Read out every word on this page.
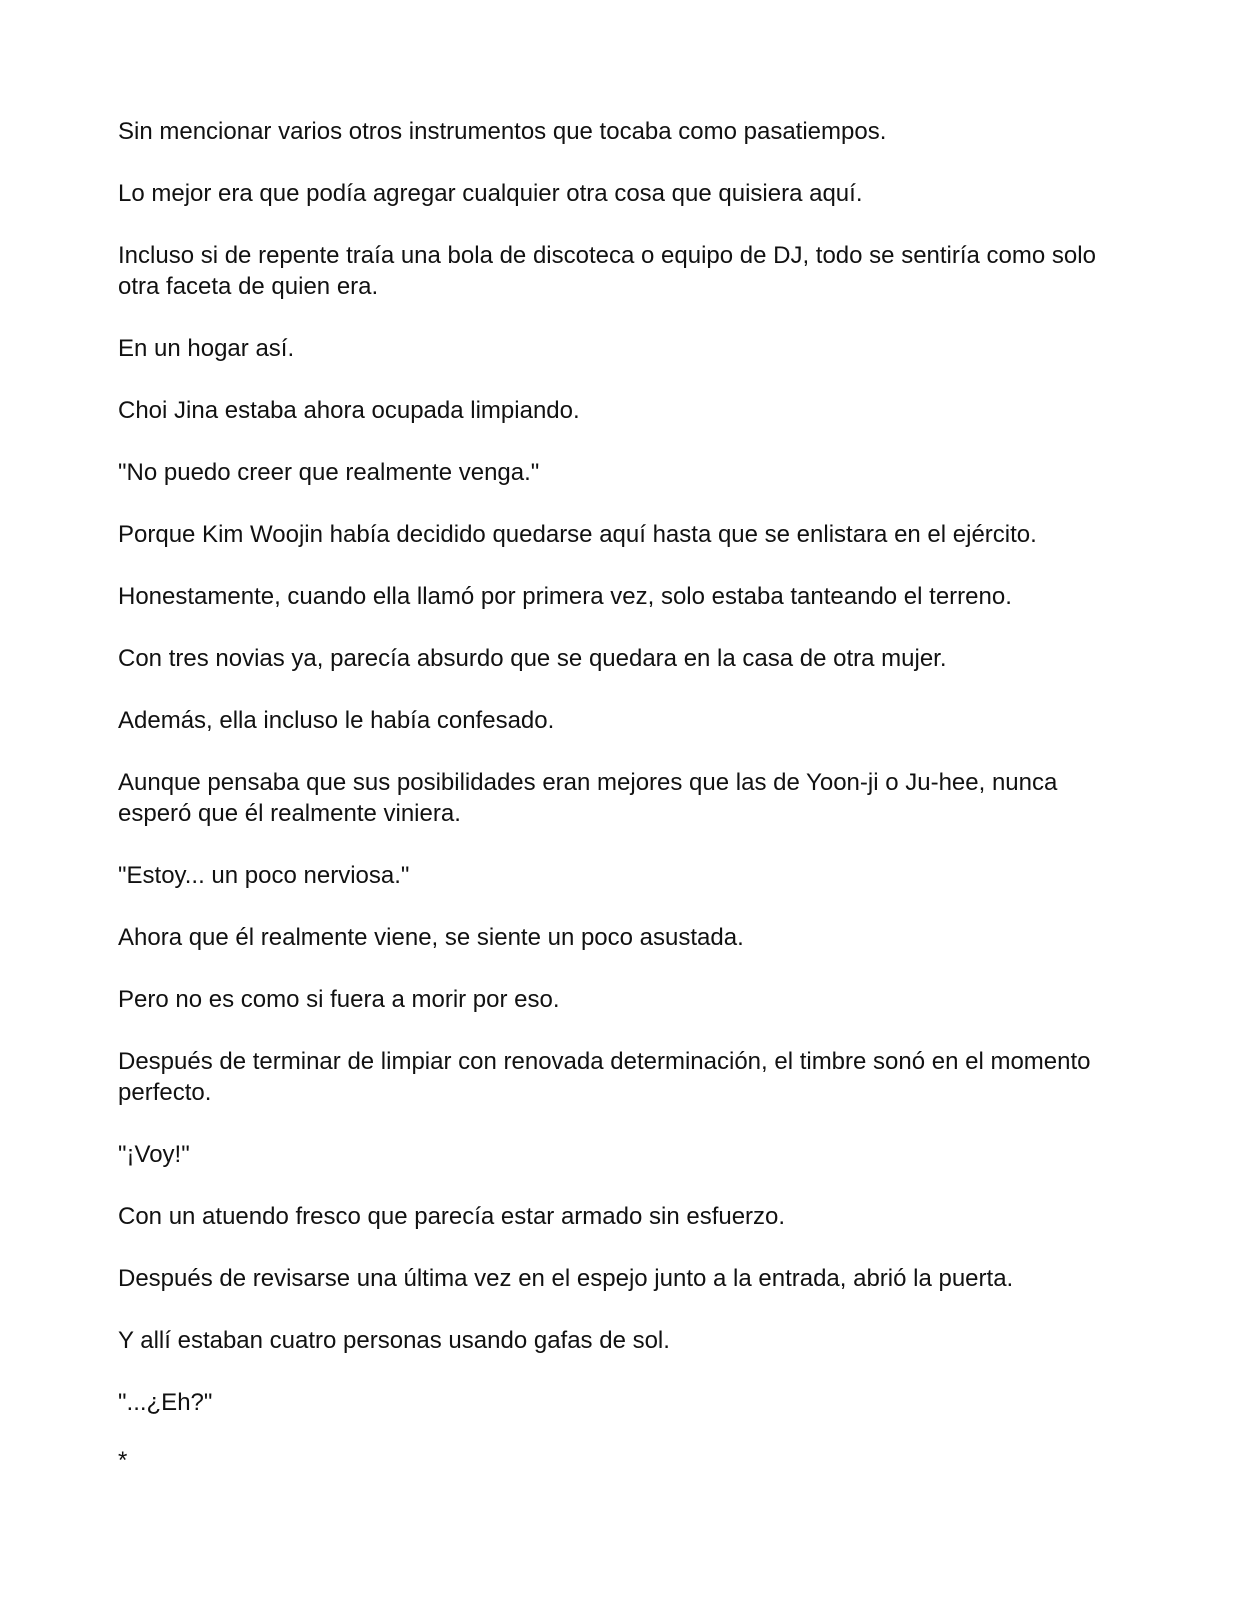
Sin mencionar varios otros instrumentos que tocaba como pasatiempos.

Lo mejor era que podía agregar cualquier otra cosa que quisiera aquí.

Incluso si de repente traía una bola de discoteca o equipo de DJ, todo se sentiría como solo otra faceta de quien era.

En un hogar así.

Choi Jina estaba ahora ocupada limpiando.

"No puedo creer que realmente venga."

Porque Kim Woojin había decidido quedarse aquí hasta que se enlistara en el ejército.

Honestamente, cuando ella llamó por primera vez, solo estaba tanteando el terreno.

Con tres novias ya, parecía absurdo que se quedara en la casa de otra mujer.

Además, ella incluso le había confesado.

Aunque pensaba que sus posibilidades eran mejores que las de Yoon-ji o Ju-hee, nunca esperó que él realmente viniera.

"Estoy... un poco nerviosa."

Ahora que él realmente viene, se siente un poco asustada.

Pero no es como si fuera a morir por eso.

Después de terminar de limpiar con renovada determinación, el timbre sonó en el momento perfecto.

"¡Voy!"

Con un atuendo fresco que parecía estar armado sin esfuerzo.

Después de revisarse una última vez en el espejo junto a la entrada, abrió la puerta.

Y allí estaban cuatro personas usando gafas de sol.

"...¿Eh?"

*
